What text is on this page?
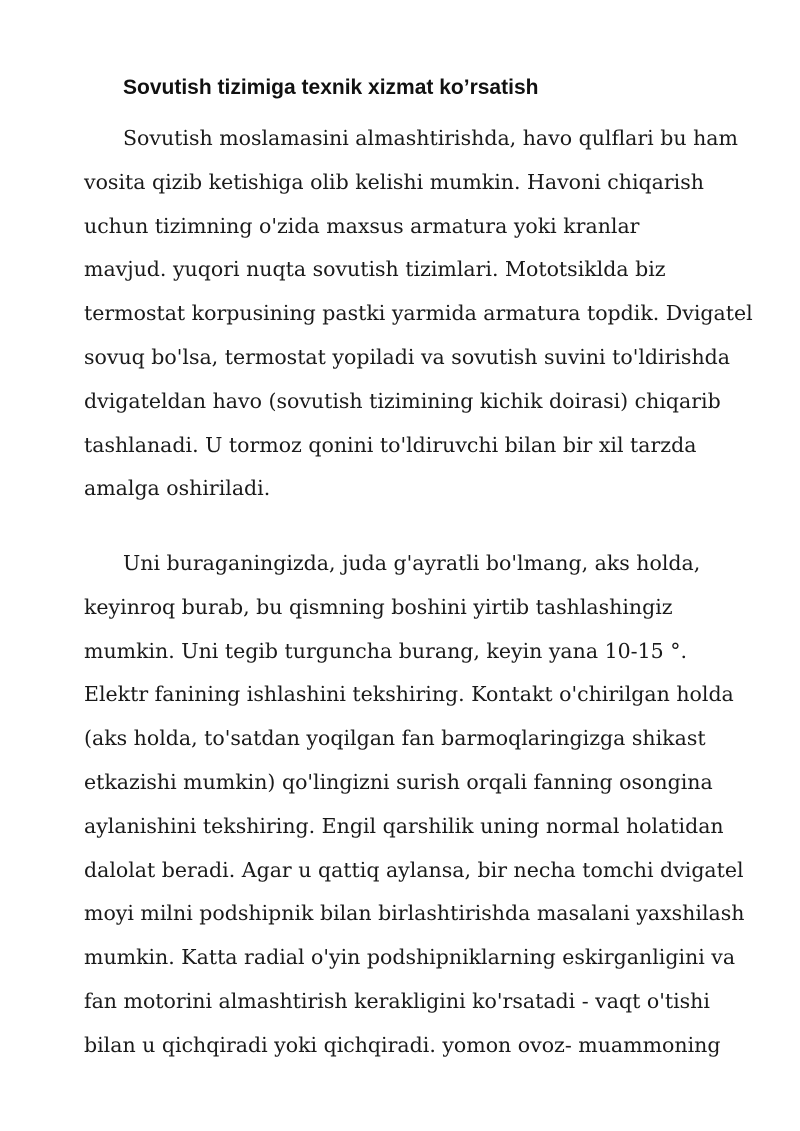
Sovutish tizimiga texnik xizmat ko’rsatish
Sovutish moslamasini almashtirishda, havo qulflari bu ham
vosita qizib ketishiga olib kelishi mumkin. Havoni chiqarish
uchun tizimning o'zida maxsus armatura yoki kranlar
mavjud. yuqori nuqta sovutish tizimlari. Mototsiklda biz
termostat korpusining pastki yarmida armatura topdik. Dvigatel
sovuq bo'lsa, termostat yopiladi va sovutish suvini to'ldirishda
dvigateldan havo (sovutish tizimining kichik doirasi) chiqarib
tashlanadi. U tormoz qonini to'ldiruvchi bilan bir xil tarzda
amalga oshiriladi.
Uni buraganingizda, juda g'ayratli bo'lmang, aks holda,
keyinroq burab, bu qismning boshini yirtib tashlashingiz
mumkin. Uni tegib turguncha burang, keyin yana 10-15 °.
Elektr fanining ishlashini tekshiring. Kontakt o'chirilgan holda
(aks holda, to'satdan yoqilgan fan barmoqlaringizga shikast
etkazishi mumkin) qo'lingizni surish orqali fanning osongina
aylanishini tekshiring. Engil qarshilik uning normal holatidan
dalolat beradi. Agar u qattiq aylansa, bir necha tomchi dvigatel
moyi milni podshipnik bilan birlashtirishda masalani yaxshilash
mumkin. Katta radial o'yin podshipniklarning eskirganligini va
fan motorini almashtirish kerakligini ko'rsatadi - vaqt o'tishi
bilan u qichqiradi yoki qichqiradi. yomon ovoz- muammoning
